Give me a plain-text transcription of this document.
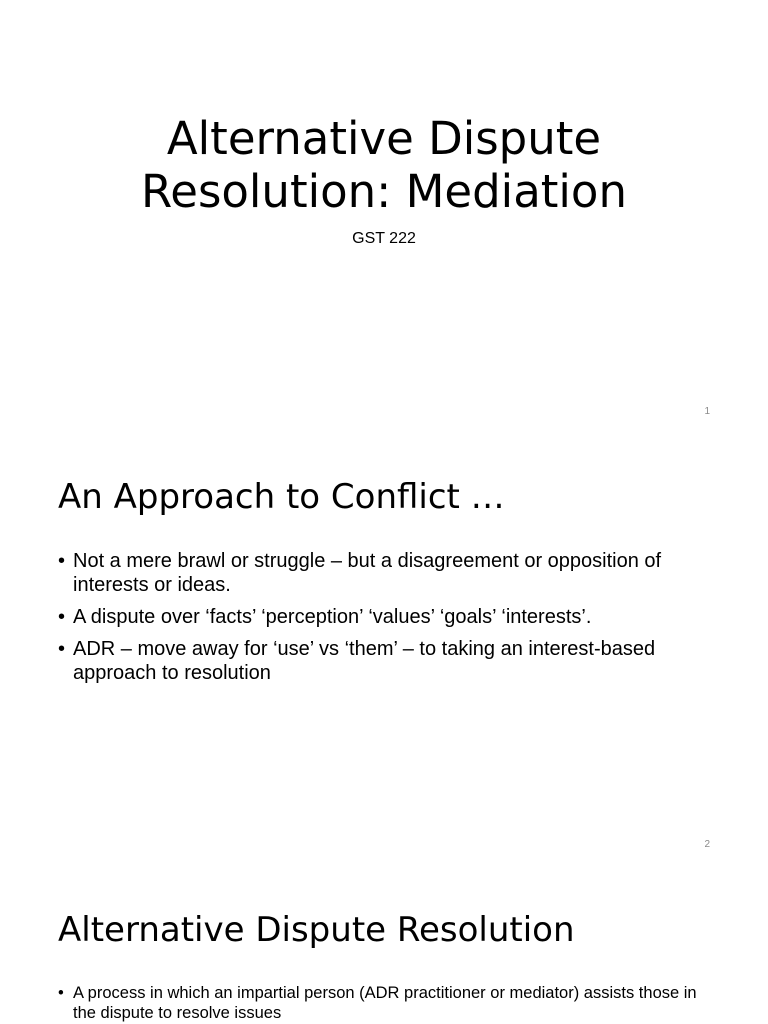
Alternative Dispute
Resolution: Mediation

GST 222

1
An Approach to Conflict …
• Not a mere brawl or struggle – but a disagreement or opposition of interests or ideas.
• A dispute over ‘facts’ ‘perception’ ‘values’ ‘goals’ ‘interests’.
• ADR – move away for ‘use’ vs ‘them’ – to taking an interest-based approach to resolution
2
Alternative Dispute Resolution
• A process in which an impartial person (ADR practitioner or mediator) assists those in the dispute to resolve issues
